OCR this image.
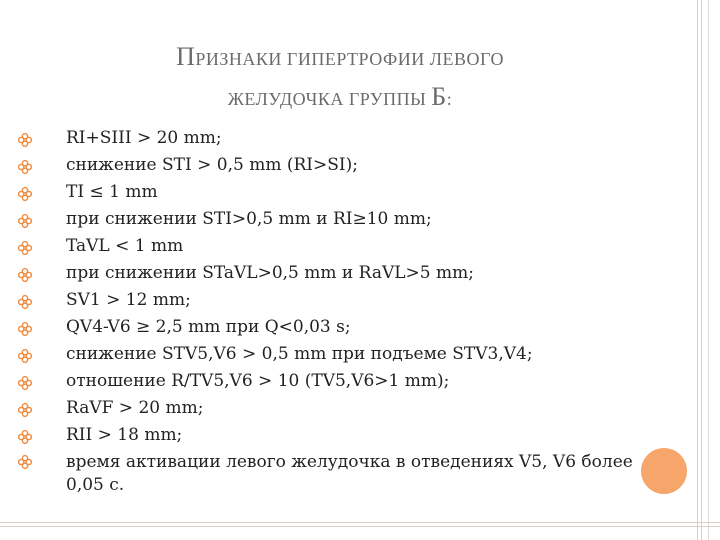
ПРИЗНАКИ ГИПЕРТРОФИИ ЛЕВОГО
ЖЕЛУДОЧКА ГРУППЫ Б:
RI+SIII > 20 mm;
снижение STI > 0,5 mm (RI>SI);
TI ≤ 1 mm
при снижении STI>0,5 mm и RI≥10 mm;
TaVL < 1 mm
при снижении STaVL>0,5 mm и RaVL>5 mm;
SV1 > 12 mm;
QV4-V6 ≥ 2,5 mm при Q<0,03 s;
снижение STV5,V6 > 0,5 mm при подъеме STV3,V4;
отношение R/TV5,V6 > 10 (TV5,V6>1 mm);
RaVF > 20 mm;
RII > 18 mm;
время активации левого желудочка в отведениях V5, V6 более 0,05 с.
